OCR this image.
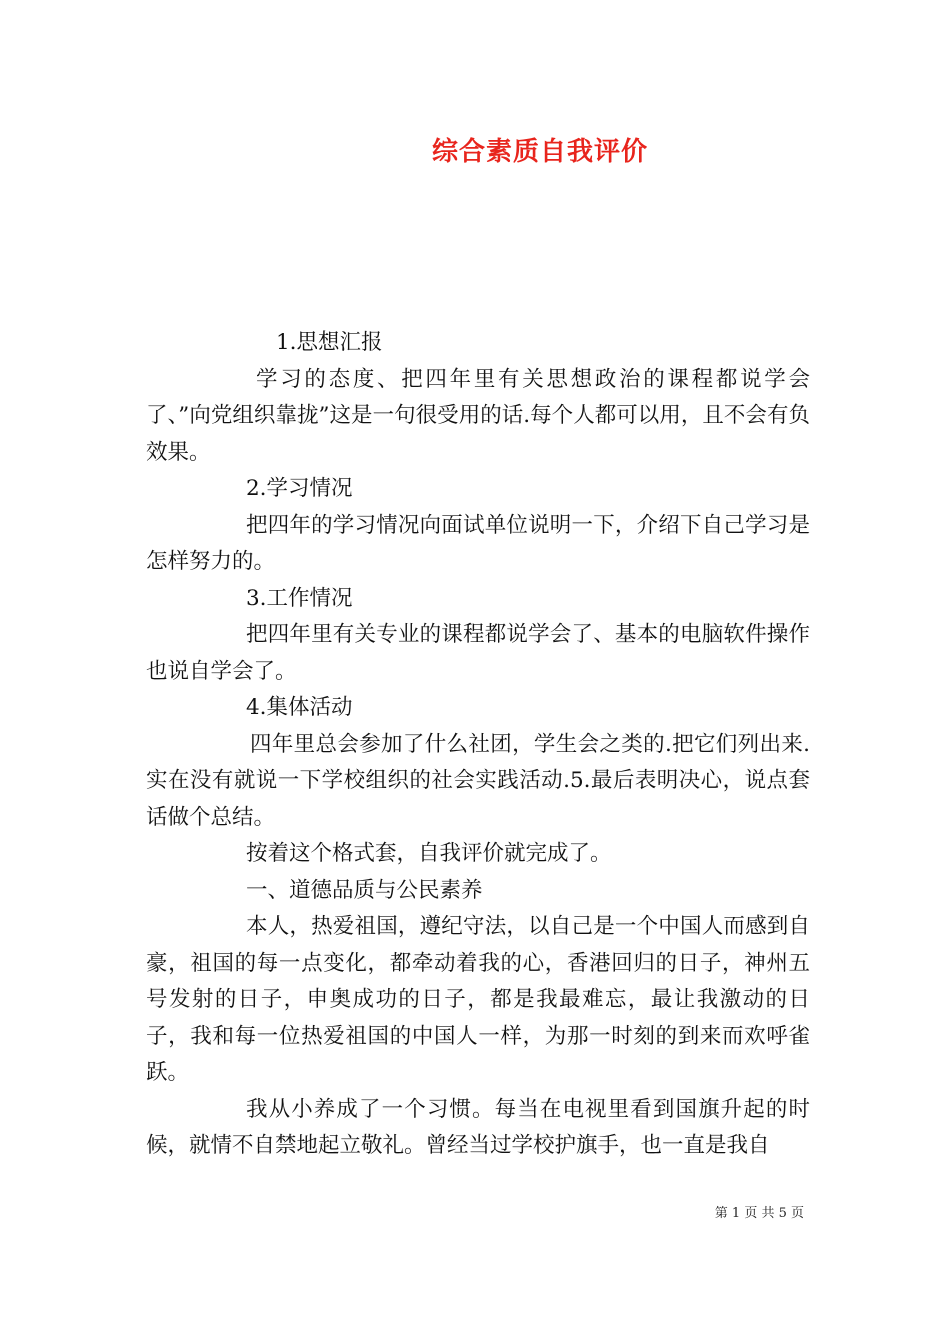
综合素质自我评价

1.思想汇报

学习的态度、把四年里有关思想政治的课程都说学会了、”向党组织靠拢”这是一句很受用的话.每个人都可以用，且不会有负效果。

2.学习情况

把四年的学习情况向面试单位说明一下，介绍下自己学习是怎样努力的。

3.工作情况

把四年里有关专业的课程都说学会了、基本的电脑软件操作也说自学会了。

4.集体活动

四年里总会参加了什么社团，学生会之类的.把它们列出来.实在没有就说一下学校组织的社会实践活动.5.最后表明决心，说点套话做个总结。

按着这个格式套，自我评价就完成了。

一、道德品质与公民素养

本人，热爱祖国，遵纪守法，以自己是一个中国人而感到自豪，祖国的每一点变化，都牵动着我的心，香港回归的日子，神州五号发射的日子，申奥成功的日子，都是我最难忘，最让我激动的日子，我和每一位热爱祖国的中国人一样，为那一时刻的到来而欢呼雀跃。

我从小养成了一个习惯。每当在电视里看到国旗升起的时候，就情不自禁地起立敬礼。曾经当过学校护旗手，也一直是我自

第 1 页 共 5 页
